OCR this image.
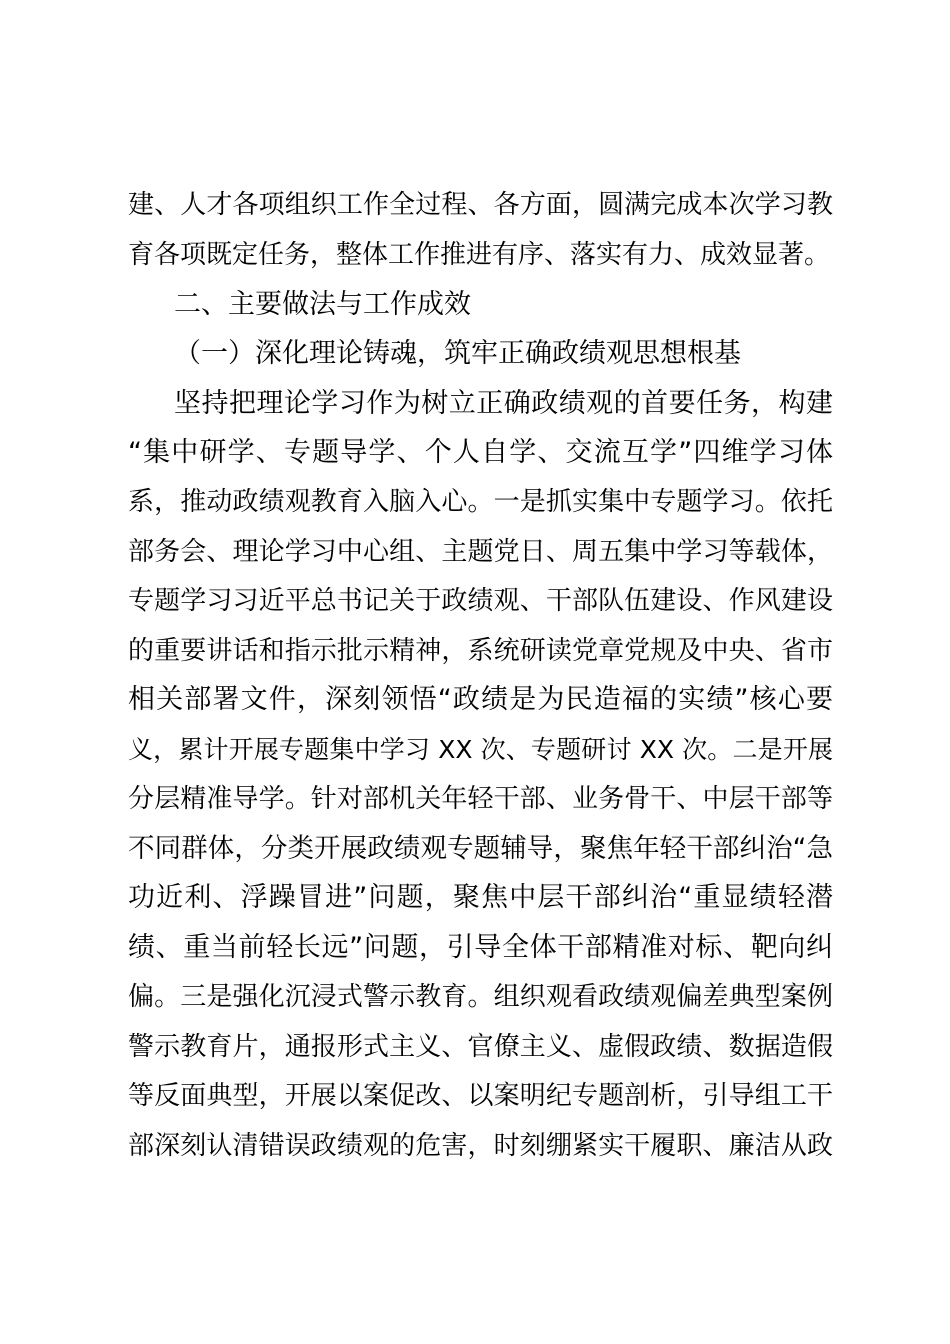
建、人才各项组织工作全过程、各方面，圆满完成本次学习教
育各项既定任务，整体工作推进有序、落实有力、成效显著。
二、主要做法与工作成效
（一）深化理论铸魂，筑牢正确政绩观思想根基
坚持把理论学习作为树立正确政绩观的首要任务，构建
“集中研学、专题导学、个人自学、交流互学”四维学习体
系，推动政绩观教育入脑入心。一是抓实集中专题学习。依托
部务会、理论学习中心组、主题党日、周五集中学习等载体，
专题学习习近平总书记关于政绩观、干部队伍建设、作风建设
的重要讲话和指示批示精神，系统研读党章党规及中央、省市
相关部署文件，深刻领悟“政绩是为民造福的实绩”核心要
义，累计开展专题集中学习 XX 次、专题研讨 XX 次。二是开展
分层精准导学。针对部机关年轻干部、业务骨干、中层干部等
不同群体，分类开展政绩观专题辅导，聚焦年轻干部纠治“急
功近利、浮躁冒进”问题，聚焦中层干部纠治“重显绩轻潜
绩、重当前轻长远”问题，引导全体干部精准对标、靶向纠
偏。三是强化沉浸式警示教育。组织观看政绩观偏差典型案例
警示教育片，通报形式主义、官僚主义、虚假政绩、数据造假
等反面典型，开展以案促改、以案明纪专题剖析，引导组工干
部深刻认清错误政绩观的危害，时刻绷紧实干履职、廉洁从政
